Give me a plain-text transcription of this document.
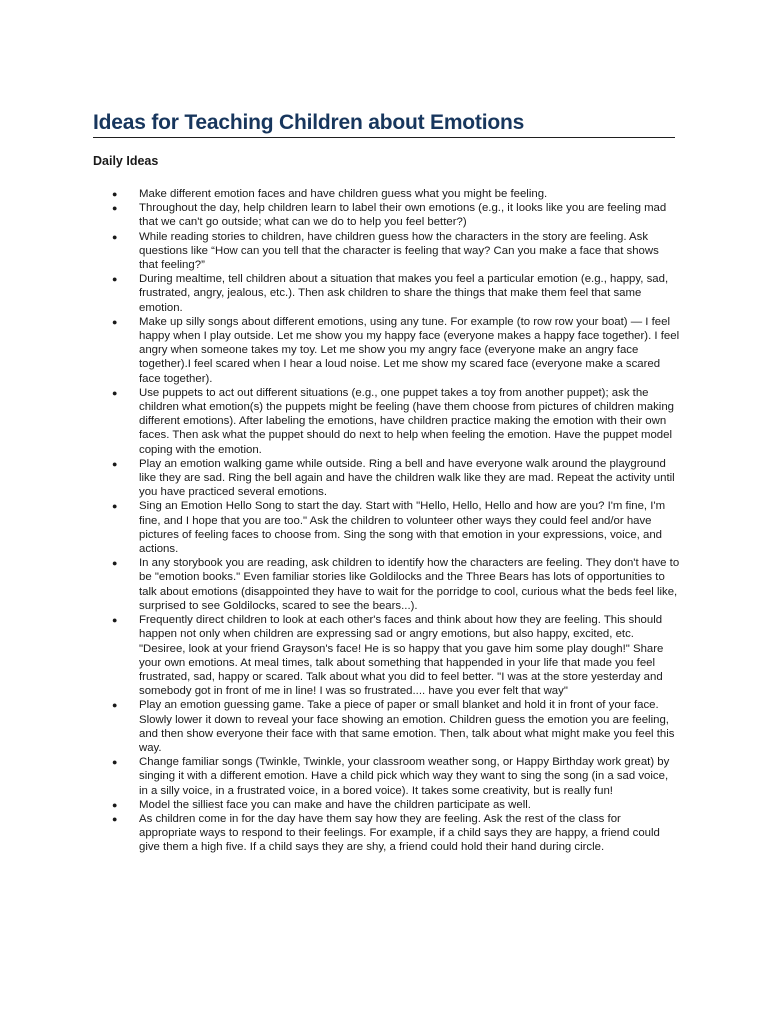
Ideas for Teaching Children about Emotions
Daily Ideas
● Make different emotion faces and have children guess what you might be feeling.
● Throughout the day, help children learn to label their own emotions (e.g., it looks like you are feeling mad that we can't go outside; what can we do to help you feel better?)
● While reading stories to children, have children guess how the characters in the story are feeling. Ask questions like “How can you tell that the character is feeling that way? Can you make a face that shows that feeling?”
● During mealtime, tell children about a situation that makes you feel a particular emotion (e.g., happy, sad, frustrated, angry, jealous, etc.). Then ask children to share the things that make them feel that same emotion.
● Make up silly songs about different emotions, using any tune. For example (to row row your boat) — I feel happy when I play outside. Let me show you my happy face (everyone makes a happy face together). I feel angry when someone takes my toy. Let me show you my angry face (everyone make an angry face together).I feel scared when I hear a loud noise. Let me show my scared face (everyone make a scared face together).
● Use puppets to act out different situations (e.g., one puppet takes a toy from another puppet); ask the children what emotion(s) the puppets might be feeling (have them choose from pictures of children making different emotions). After labeling the emotions, have children practice making the emotion with their own faces. Then ask what the puppet should do next to help when feeling the emotion. Have the puppet model coping with the emotion.
● Play an emotion walking game while outside. Ring a bell and have everyone walk around the playground like they are sad. Ring the bell again and have the children walk like they are mad. Repeat the activity until you have practiced several emotions.
● Sing an Emotion Hello Song to start the day. Start with "Hello, Hello, Hello and how are you? I'm fine, I'm fine, and I hope that you are too." Ask the children to volunteer other ways they could feel and/or have pictures of feeling faces to choose from. Sing the song with that emotion in your expressions, voice, and actions.
● In any storybook you are reading, ask children to identify how the characters are feeling. They don't have to be "emotion books." Even familiar stories like Goldilocks and the Three Bears has lots of opportunities to talk about emotions (disappointed they have to wait for the porridge to cool, curious what the beds feel like, surprised to see Goldilocks, scared to see the bears...).
● Frequently direct children to look at each other's faces and think about how they are feeling. This should happen not only when children are expressing sad or angry emotions, but also happy, excited, etc. "Desiree, look at your friend Grayson's face! He is so happy that you gave him some play dough!" Share your own emotions. At meal times, talk about something that happended in your life that made you feel frustrated, sad, happy or scared. Talk about what you did to feel better. "I was at the store yesterday and somebody got in front of me in line! I was so frustrated.... have you ever felt that way"
● Play an emotion guessing game. Take a piece of paper or small blanket and hold it in front of your face. Slowly lower it down to reveal your face showing an emotion. Children guess the emotion you are feeling, and then show everyone their face with that same emotion. Then, talk about what might make you feel this way.
● Change familiar songs (Twinkle, Twinkle, your classroom weather song, or Happy Birthday work great) by singing it with a different emotion. Have a child pick which way they want to sing the song (in a sad voice, in a silly voice, in a frustrated voice, in a bored voice). It takes some creativity, but is really fun!
● Model the silliest face you can make and have the children participate as well.
● As children come in for the day have them say how they are feeling. Ask the rest of the class for appropriate ways to respond to their feelings. For example, if a child says they are happy, a friend could give them a high five. If a child says they are shy, a friend could hold their hand during circle.
